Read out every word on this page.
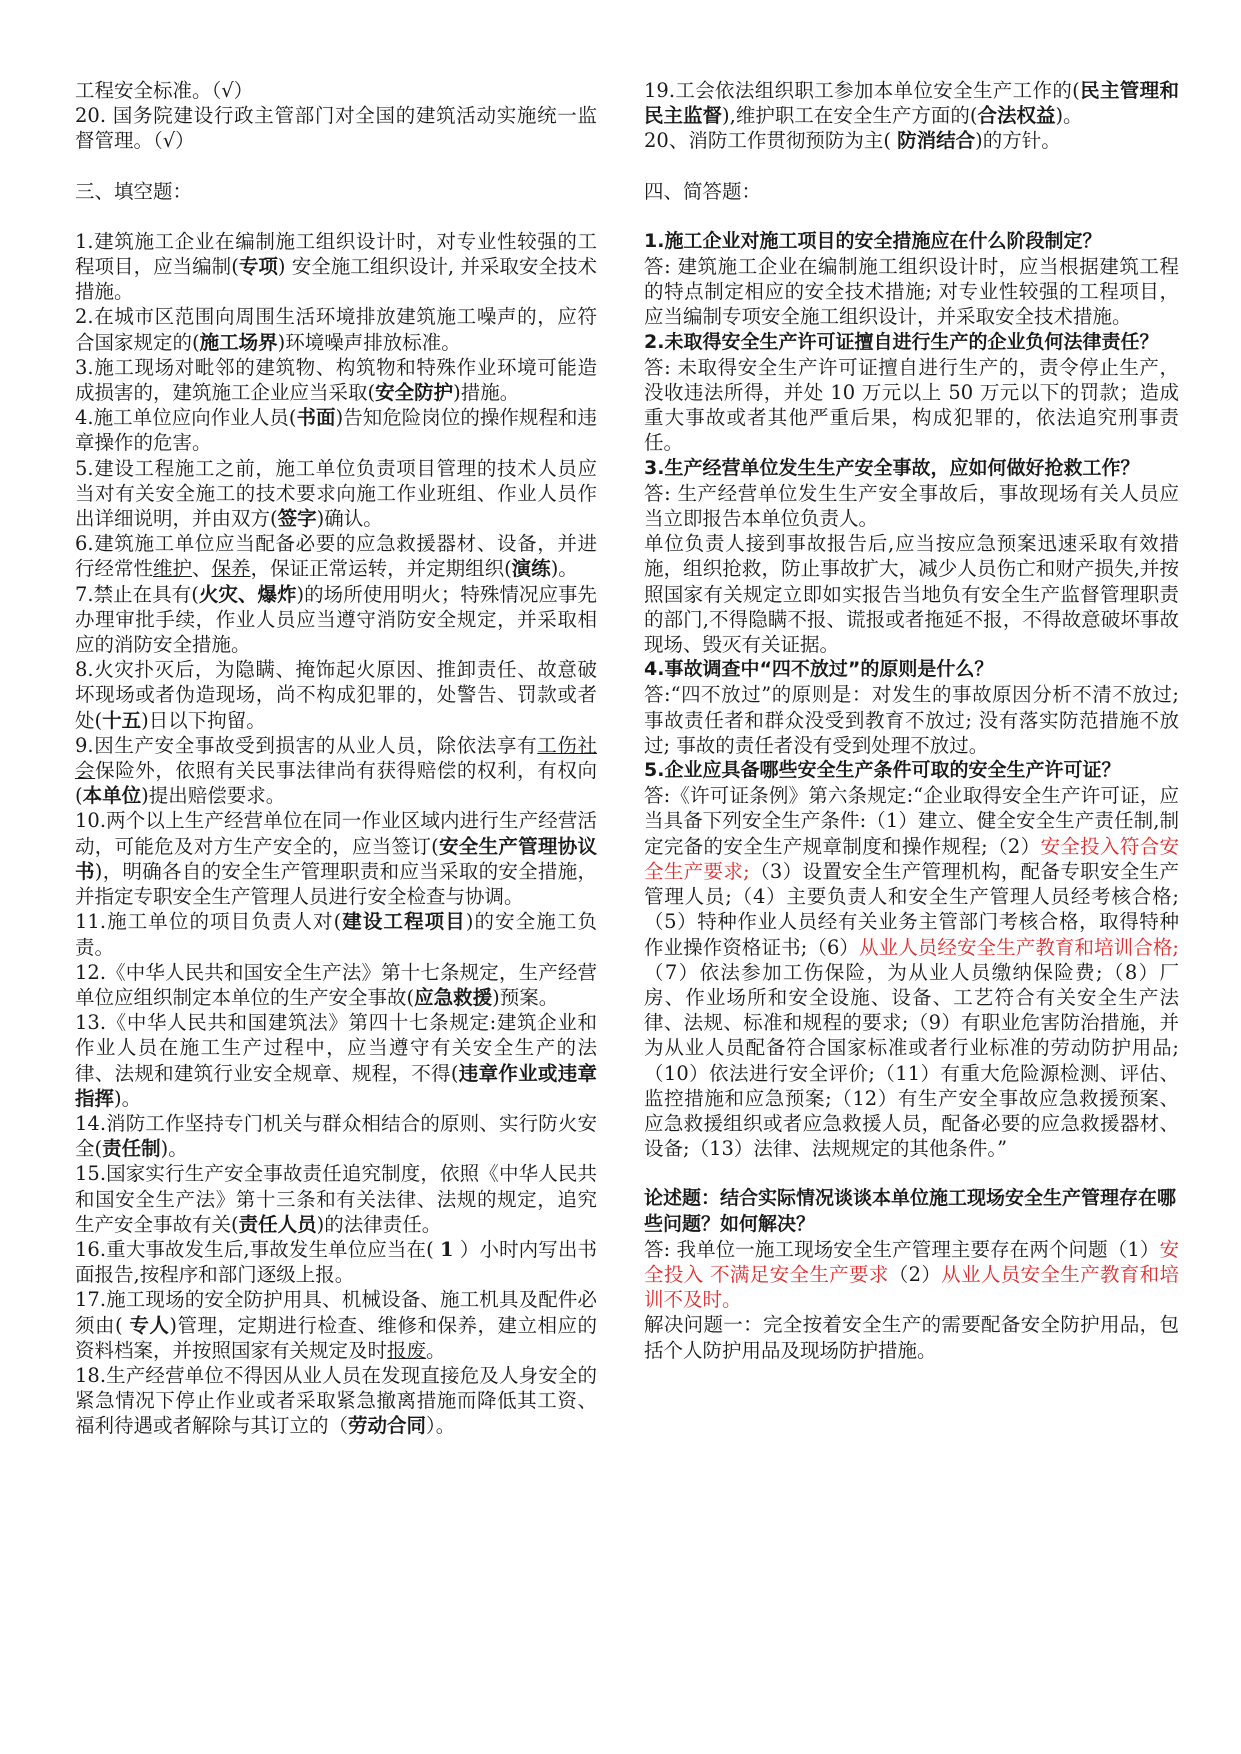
工程安全标准。（√）

20. 国务院建设行政主管部门对全国的建筑活动实施统一监督管理。（√）

三、填空题：

1.建筑施工企业在编制施工组织设计时，对专业性较强的工程项目，应当编制(专项) 安全施工组织设计, 并采取安全技术措施。

2.在城市区范围向周围生活环境排放建筑施工噪声的，应符合国家规定的(施工场界)环境噪声排放标准。

3.施工现场对毗邻的建筑物、构筑物和特殊作业环境可能造成损害的，建筑施工企业应当采取(安全防护)措施。

4.施工单位应向作业人员(书面)告知危险岗位的操作规程和违章操作的危害。

5.建设工程施工之前，施工单位负责项目管理的技术人员应当对有关安全施工的技术要求向施工作业班组、作业人员作出详细说明，并由双方(签字)确认。

6.建筑施工单位应当配备必要的应急救援器材、设备，并进行经常性维护、保养，保证正常运转，并定期组织(演练)。

7.禁止在具有(火灾、爆炸)的场所使用明火；特殊情况应事先办理审批手续，作业人员应当遵守消防安全规定，并采取相应的消防安全措施。

8.火灾扑灭后，为隐瞒、掩饰起火原因、推卸责任、故意破坏现场或者伪造现场，尚不构成犯罪的，处警告、罚款或者处(十五)日以下拘留。

9.因生产安全事故受到损害的从业人员，除依法享有工伤社会保险外，依照有关民事法律尚有获得赔偿的权利，有权向(本单位)提出赔偿要求。

10.两个以上生产经营单位在同一作业区域内进行生产经营活动，可能危及对方生产安全的，应当签订(安全生产管理协议书)，明确各自的安全生产管理职责和应当采取的安全措施，并指定专职安全生产管理人员进行安全检查与协调。

11.施工单位的项目负责人对(建设工程项目)的安全施工负责。

12.《中华人民共和国安全生产法》第十七条规定，生产经营单位应组织制定本单位的生产安全事故(应急救援)预案。

13.《中华人民共和国建筑法》第四十七条规定:建筑企业和作业人员在施工生产过程中，应当遵守有关安全生产的法律、法规和建筑行业安全规章、规程，不得(违章作业或违章指挥)。

14.消防工作坚持专门机关与群众相结合的原则、实行防火安全(责任制)。

15.国家实行生产安全事故责任追究制度，依照《中华人民共和国安全生产法》第十三条和有关法律、法规的规定，追究生产安全事故有关(责任人员)的法律责任。

16.重大事故发生后,事故发生单位应当在( 1 ）小时内写出书面报告,按程序和部门逐级上报。

17.施工现场的安全防护用具、机械设备、施工机具及配件必须由( 专人)管理，定期进行检查、维修和保养，建立相应的资料档案，并按照国家有关规定及时报废。

18.生产经营单位不得因从业人员在发现直接危及人身安全的紧急情况下停止作业或者采取紧急撤离措施而降低其工资、福利待遇或者解除与其订立的（劳动合同）。

19.工会依法组织职工参加本单位安全生产工作的(民主管理和民主监督),维护职工在安全生产方面的(合法权益)。

20、消防工作贯彻预防为主( 防消结合)的方针。

四、简答题：

1.施工企业对施工项目的安全措施应在什么阶段制定？

答: 建筑施工企业在编制施工组织设计时，应当根据建筑工程的特点制定相应的安全技术措施; 对专业性较强的工程项目，应当编制专项安全施工组织设计，并采取安全技术措施。

2.未取得安全生产许可证擅自进行生产的企业负何法律责任？

答: 未取得安全生产许可证擅自进行生产的，责令停止生产，没收违法所得，并处 10 万元以上 50 万元以下的罚款；造成重大事故或者其他严重后果，构成犯罪的，依法追究刑事责任。

3.生产经营单位发生生产安全事故，应如何做好抢救工作？

答: 生产经营单位发生生产安全事故后，事故现场有关人员应当立即报告本单位负责人。

单位负责人接到事故报告后,应当按应急预案迅速采取有效措施，组织抢救，防止事故扩大，减少人员伤亡和财产损失,并按照国家有关规定立即如实报告当地负有安全生产监督管理职责的部门,不得隐瞒不报、谎报或者拖延不报，不得故意破坏事故现场、毁灭有关证据。

4.事故调查中“四不放过”的原则是什么？

答:“四不放过”的原则是：对发生的事故原因分析不清不放过; 事故责任者和群众没受到教育不放过; 没有落实防范措施不放过; 事故的责任者没有受到处理不放过。

5.企业应具备哪些安全生产条件可取的安全生产许可证？

答:《许可证条例》第六条规定:“企业取得安全生产许可证，应当具备下列安全生产条件:（1）建立、健全安全生产责任制,制定完备的安全生产规章制度和操作规程;（2）安全投入符合安全生产要求;（3）设置安全生产管理机构，配备专职安全生产管理人员;（4）主要负责人和安全生产管理人员经考核合格;（5）特种作业人员经有关业务主管部门考核合格，取得特种作业操作资格证书;（6）从业人员经安全生产教育和培训合格;（7）依法参加工伤保险，为从业人员缴纳保险费;（8）厂房、作业场所和安全设施、设备、工艺符合有关安全生产法律、法规、标准和规程的要求;（9）有职业危害防治措施，并为从业人员配备符合国家标准或者行业标准的劳动防护用品;（10）依法进行安全评价;（11）有重大危险源检测、评估、监控措施和应急预案;（12）有生产安全事故应急救援预案、应急救援组织或者应急救援人员，配备必要的应急救援器材、设备;（13）法律、法规规定的其他条件。”

论述题：结合实际情况谈谈本单位施工现场安全生产管理存在哪些问题？如何解决？

答: 我单位一施工现场安全生产管理主要存在两个问题（1）安全投入 不满足安全生产要求（2）从业人员安全生产教育和培训不及时。

解决问题一：完全按着安全生产的需要配备安全防护用品，包括个人防护用品及现场防护措施。
